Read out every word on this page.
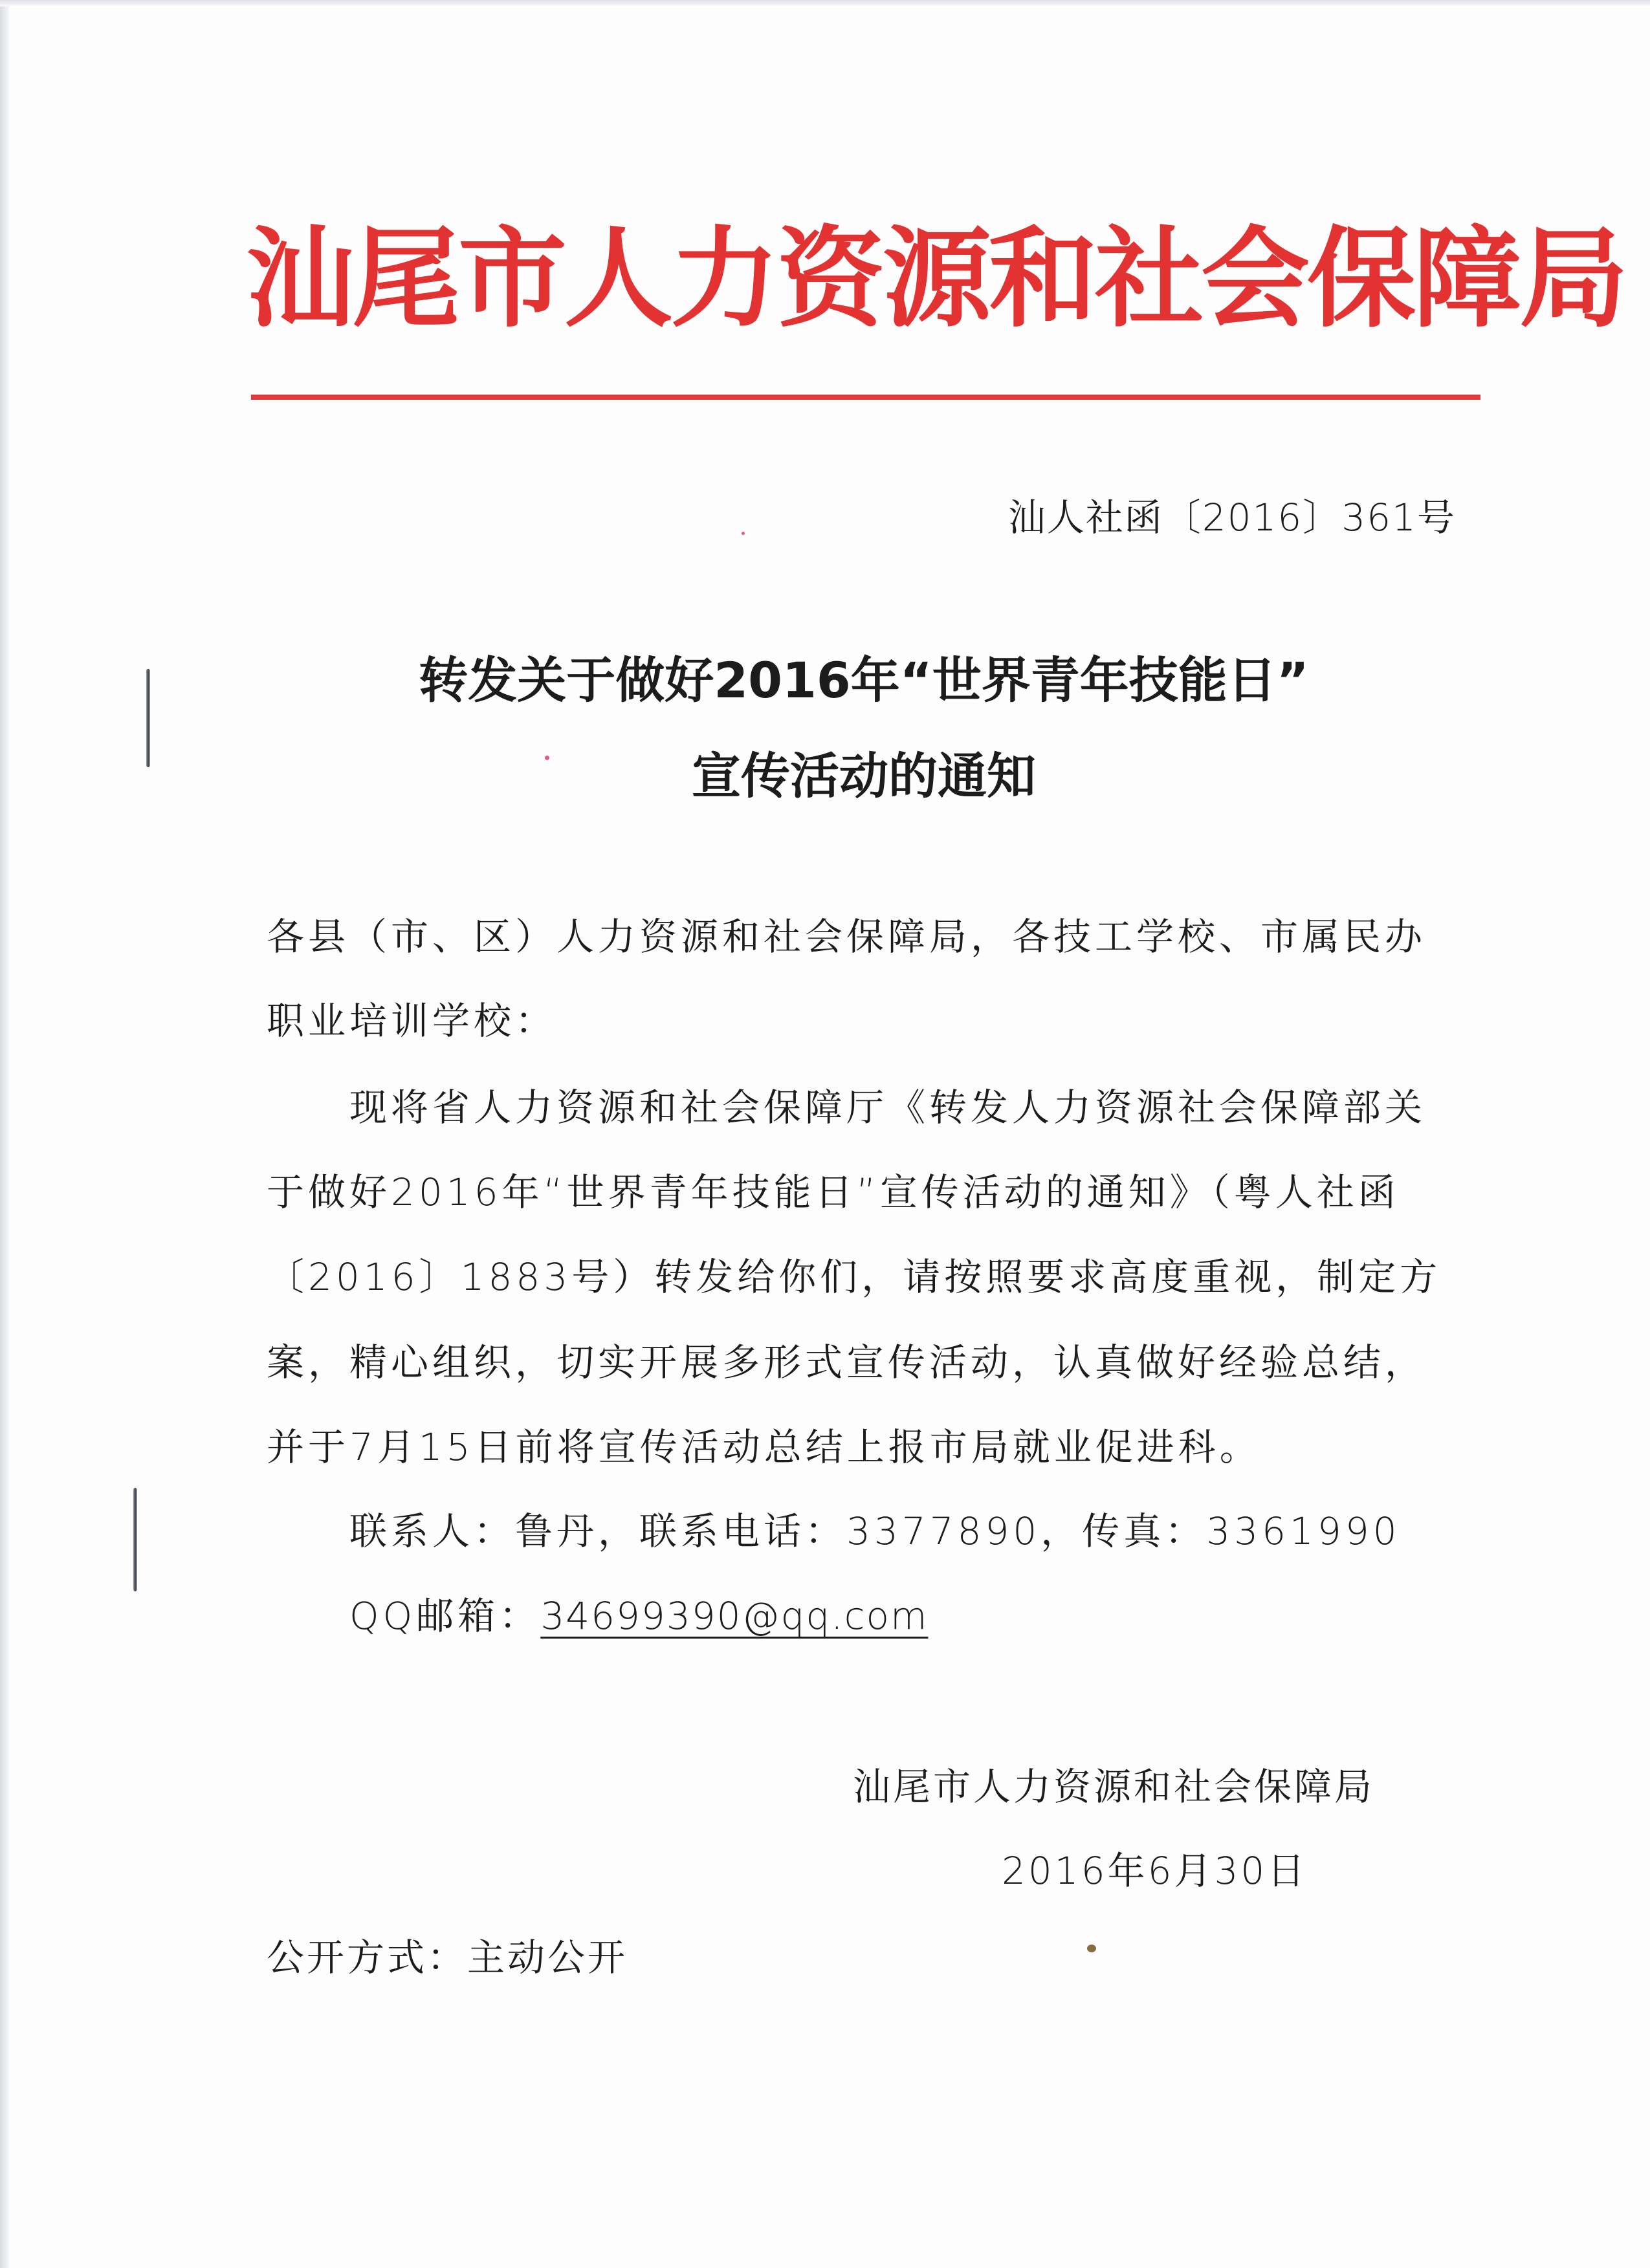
汕尾市人力资源和社会保障局
汕人社函〔2016〕361号
转发关于做好2016年“世界青年技能日”
宣传活动的通知
各县（市、区）人力资源和社会保障局，各技工学校、市属民办
职业培训学校：
现将省人力资源和社会保障厅《转发人力资源社会保障部关
于做好2016年“世界青年技能日”宣传活动的通知》（粤人社函
〔2016〕1883号）转发给你们，请按照要求高度重视，制定方
案，精心组织，切实开展多形式宣传活动，认真做好经验总结，
并于7月15日前将宣传活动总结上报市局就业促进科。
联系人：鲁丹，联系电话：3377890，传真：3361990
QQ邮箱：34699390@qq.com
汕尾市人力资源和社会保障局
2016年6月30日
公开方式：主动公开
